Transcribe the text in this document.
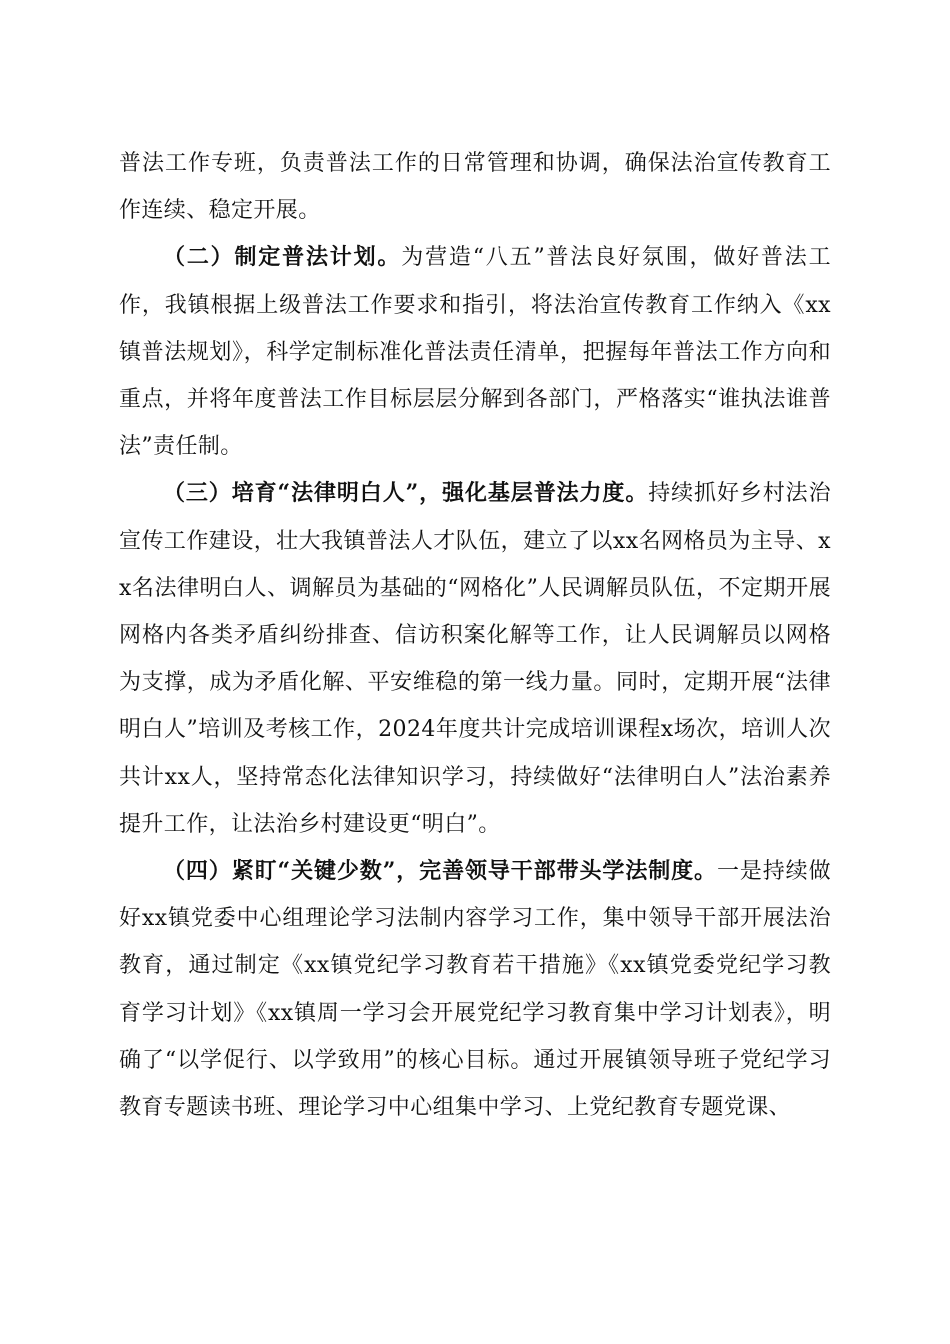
普法工作专班，负责普法工作的日常管理和协调，确保法治宣传教育工作连续、稳定开展。

（二）制定普法计划。为营造“八五”普法良好氛围，做好普法工作，我镇根据上级普法工作要求和指引，将法治宣传教育工作纳入《xx镇普法规划》，科学定制标准化普法责任清单，把握每年普法工作方向和重点，并将年度普法工作目标层层分解到各部门，严格落实“谁执法谁普法”责任制。

（三）培育“法律明白人”，强化基层普法力度。持续抓好乡村法治宣传工作建设，壮大我镇普法人才队伍，建立了以xx名网格员为主导、xx名法律明白人、调解员为基础的“网格化”人民调解员队伍，不定期开展网格内各类矛盾纠纷排查、信访积案化解等工作，让人民调解员以网格为支撑，成为矛盾化解、平安维稳的第一线力量。同时，定期开展“法律明白人”培训及考核工作，2024年度共计完成培训课程x场次，培训人次共计xx人，坚持常态化法律知识学习，持续做好“法律明白人”法治素养提升工作，让法治乡村建设更“明白”。

（四）紧盯“关键少数”，完善领导干部带头学法制度。一是持续做好xx镇党委中心组理论学习法制内容学习工作，集中领导干部开展法治教育，通过制定《xx镇党纪学习教育若干措施》《xx镇党委党纪学习教育学习计划》《xx镇周一学习会开展党纪学习教育集中学习计划表》，明确了“以学促行、以学致用”的核心目标。通过开展镇领导班子党纪学习教育专题读书班、理论学习中心组集中学习、上党纪教育专题党课、
